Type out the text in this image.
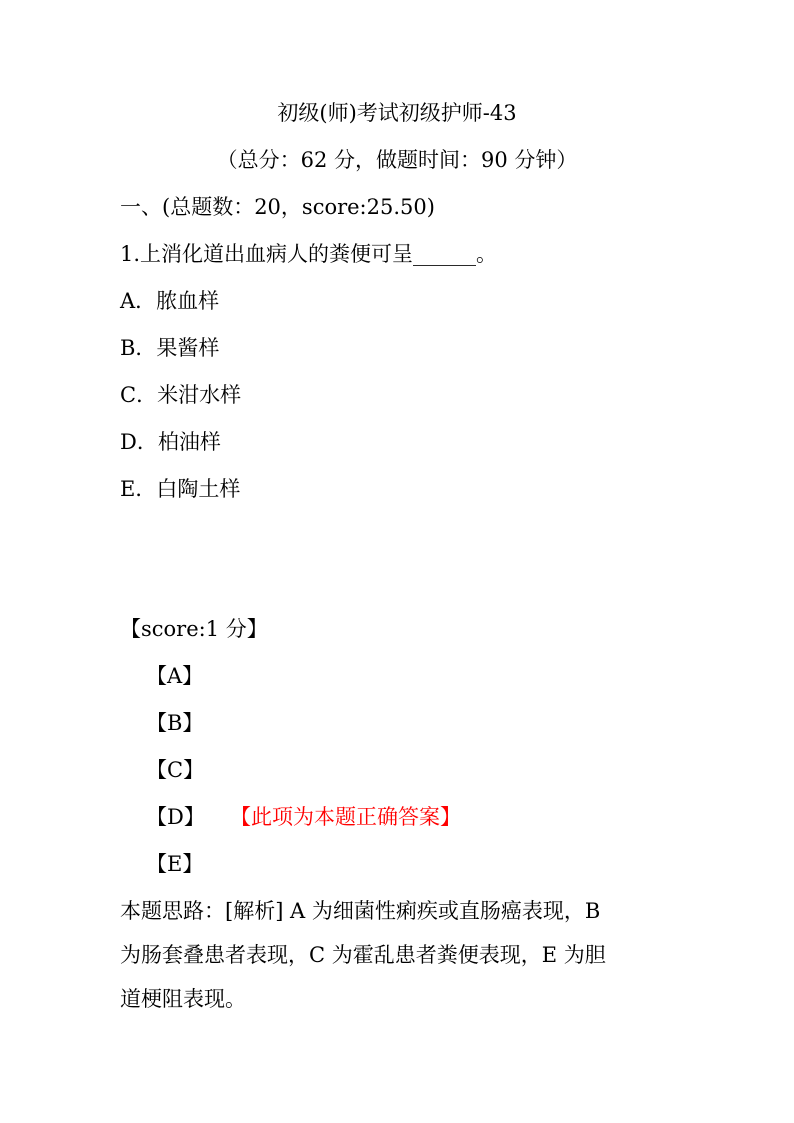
初级(师)考试初级护师-43
（总分：62 分，做题时间：90 分钟）
一、(总题数：20，score:25.50)
1.上消化道出血病人的粪便可呈______。
A．脓血样
B．果酱样
C．米泔水样
D．柏油样
E．白陶土样
【score:1 分】
【A】
【B】
【C】
【D】 【此项为本题正确答案】
【E】
本题思路：[解析] A 为细菌性痢疾或直肠癌表现，B
为肠套叠患者表现，C 为霍乱患者粪便表现，E 为胆
道梗阻表现。
